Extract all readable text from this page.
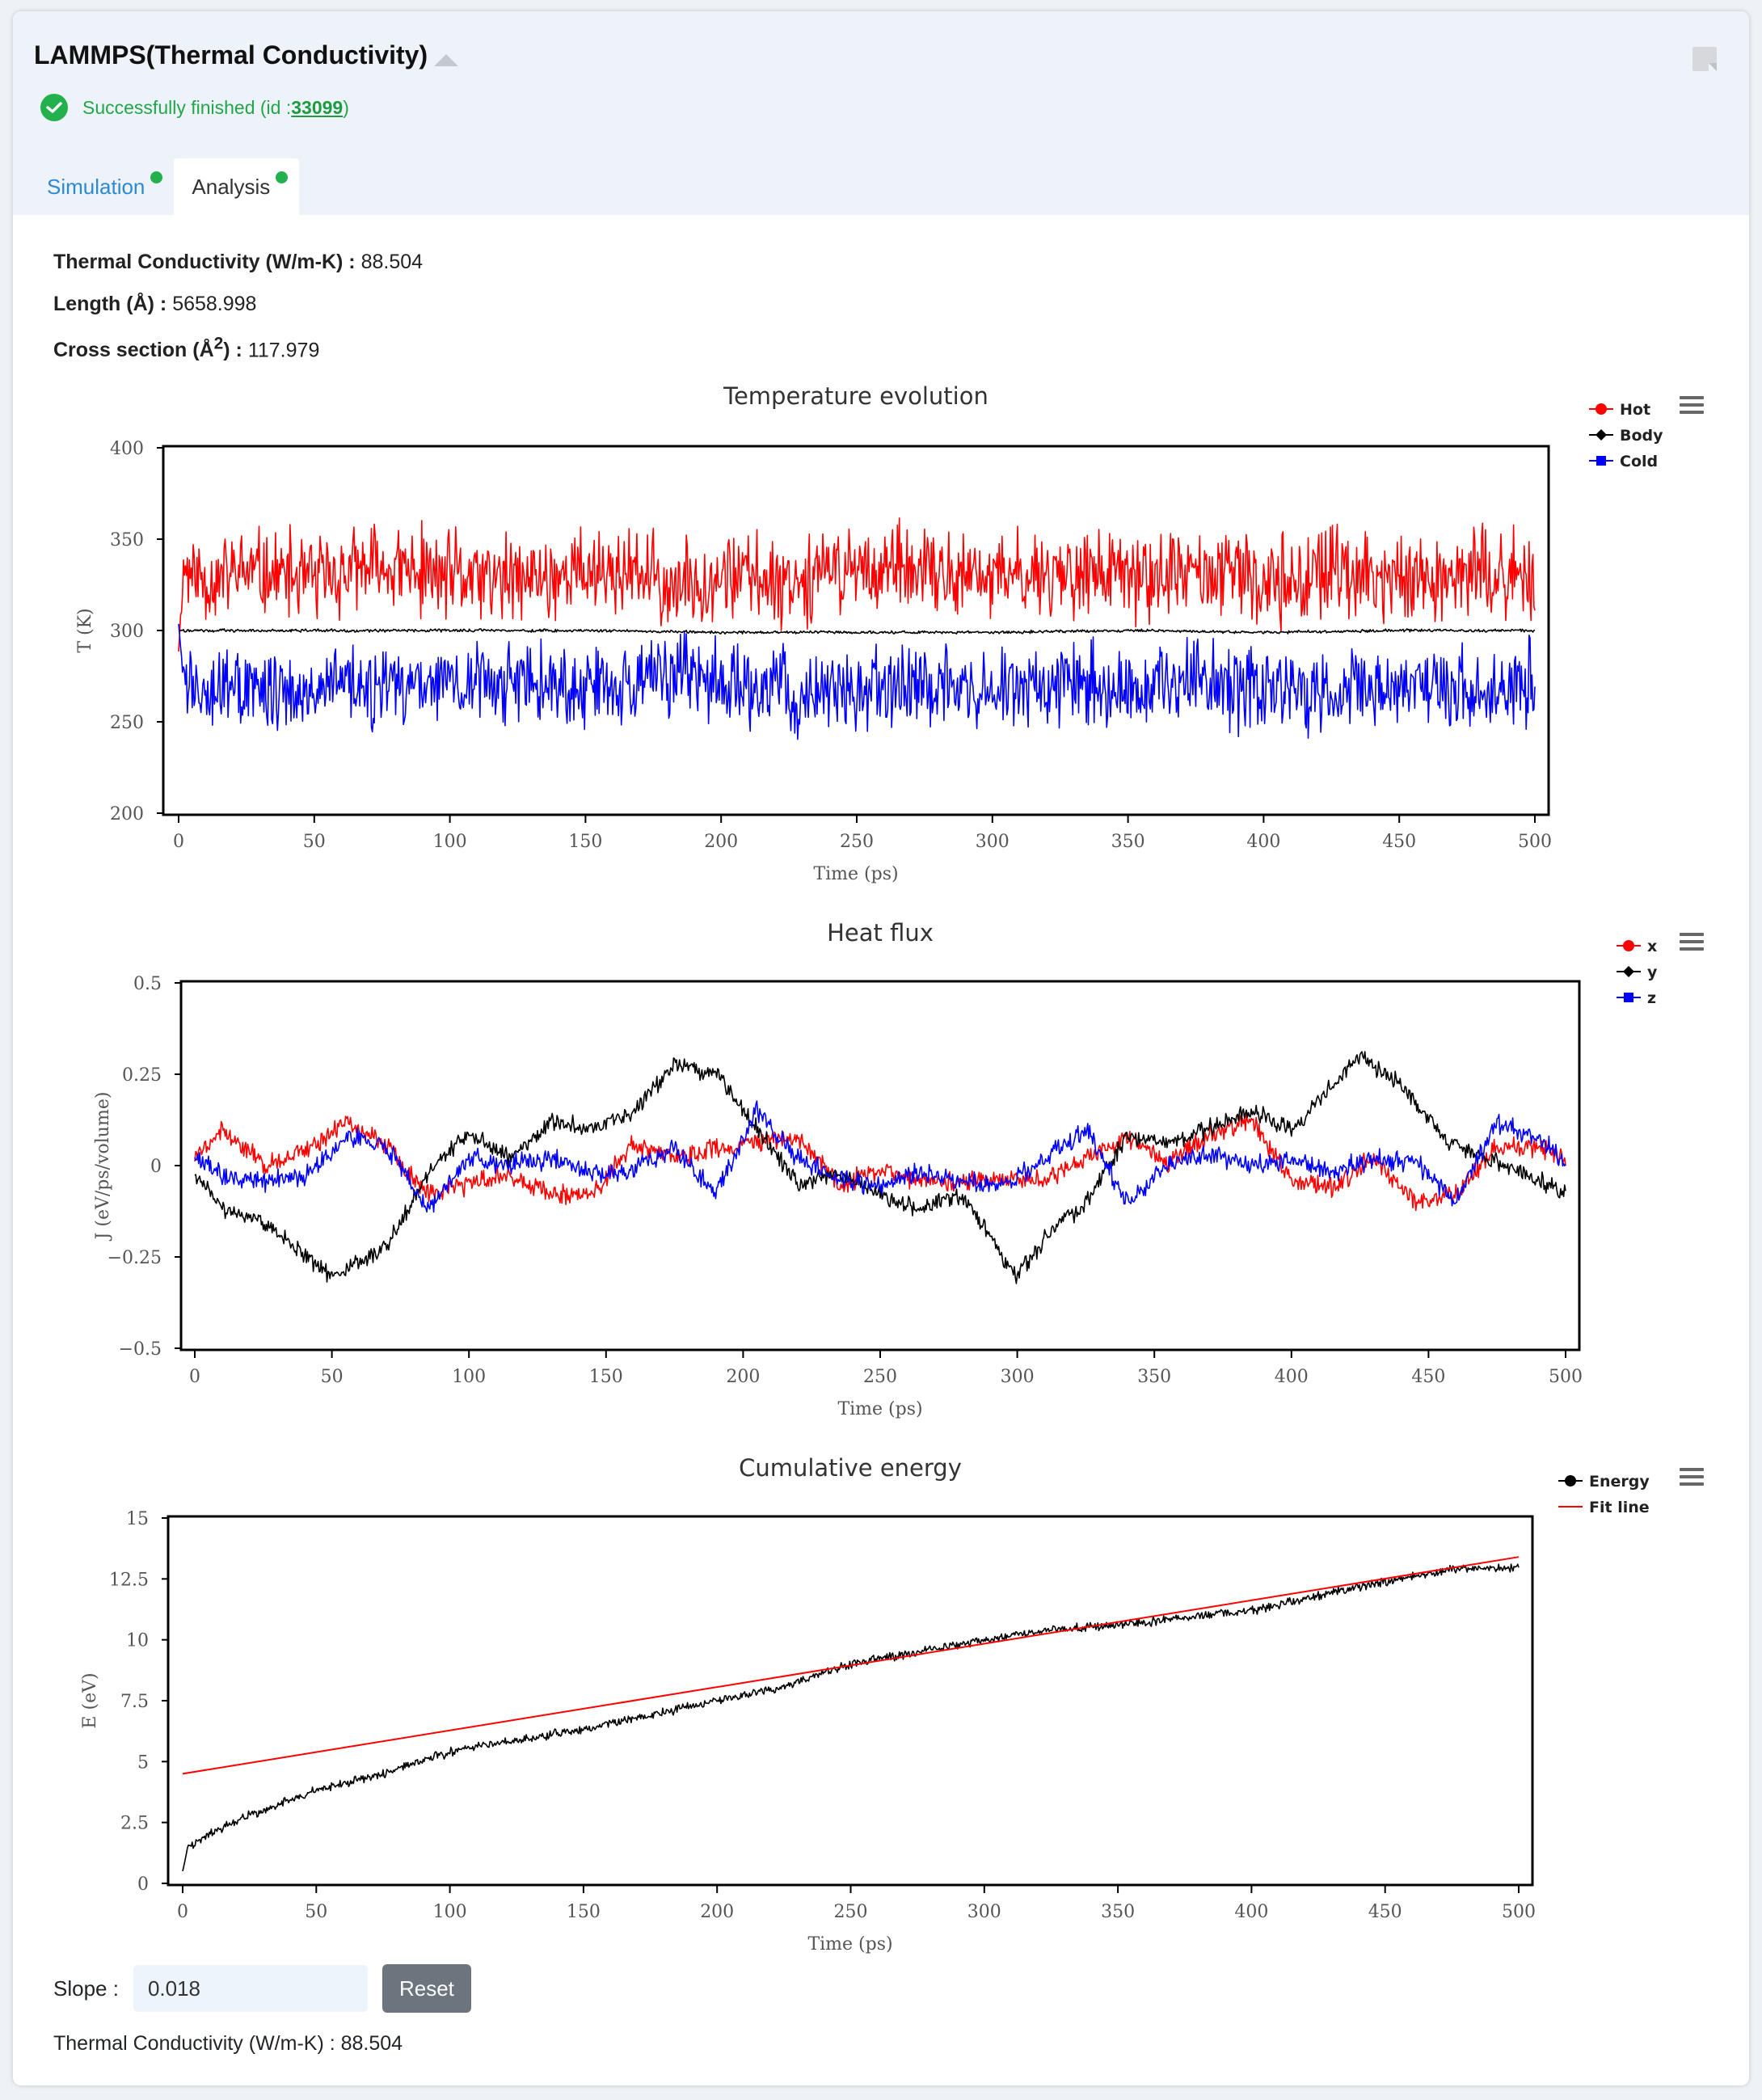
LAMMPS(Thermal Conductivity)
Successfully finished (id : 33099 )
Simulation Analysis
Thermal Conductivity (W/m-K) : 88.504
Length (Å) : 5658.998
Cross section $(Å^2)$ : 117.979
Temperature evolution
400
350
300
250
200
0	50	100	150	200	250	300	350	400	450	500
Time (ps)
T (K)
Hot
Body
Cold
Heat flux
0.5
0.25
0
−0.25
−0.5
0	50	100	150	200	250	300	350	400	450	500
Time (ps)
J (eV/ps/volume)
x
y
z
Cumulative energy
15
12.5
10
7.5
5
2.5
0
0	50	100	150	200	250	300	350	400	450	500
Time (ps)
E (eV)
Energy
Fit line
Slope :
0.018	Reset
Thermal Conductivity (W/m-K) : 88.504
